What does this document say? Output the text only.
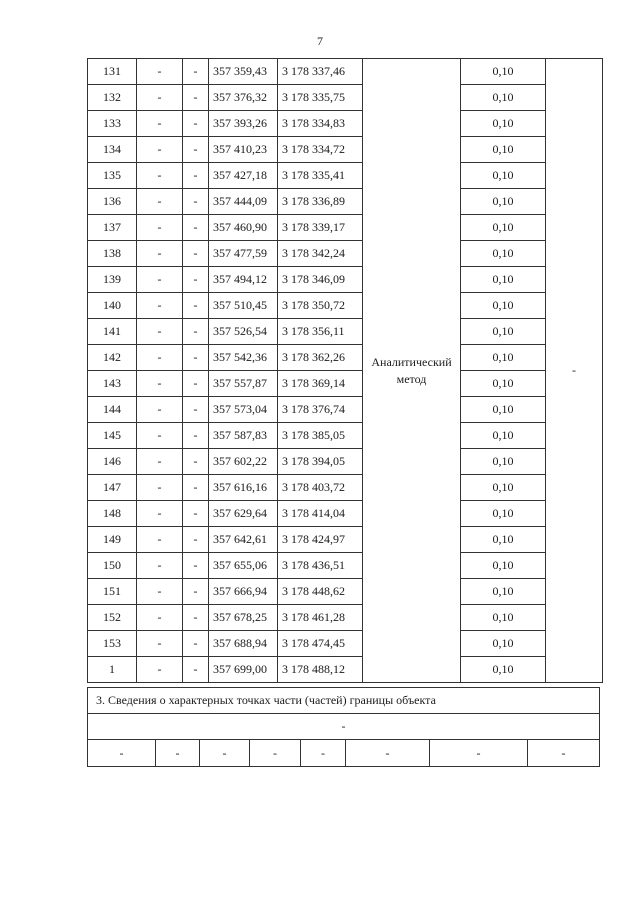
7
131	-	-	357 359,43	3 178 337,46	Аналитический метод	0,10	-
132	-	-	357 376,32	3 178 335,75		0,10	
133	-	-	357 393,26	3 178 334,83		0,10	
134	-	-	357 410,23	3 178 334,72		0,10	
135	-	-	357 427,18	3 178 335,41		0,10	
136	-	-	357 444,09	3 178 336,89		0,10	
137	-	-	357 460,90	3 178 339,17		0,10	
138	-	-	357 477,59	3 178 342,24		0,10	
139	-	-	357 494,12	3 178 346,09		0,10	
140	-	-	357 510,45	3 178 350,72		0,10	
141	-	-	357 526,54	3 178 356,11		0,10	
142	-	-	357 542,36	3 178 362,26		0,10	
143	-	-	357 557,87	3 178 369,14		0,10	
144	-	-	357 573,04	3 178 376,74		0,10	
145	-	-	357 587,83	3 178 385,05		0,10	
146	-	-	357 602,22	3 178 394,05		0,10	
147	-	-	357 616,16	3 178 403,72		0,10	
148	-	-	357 629,64	3 178 414,04		0,10	
149	-	-	357 642,61	3 178 424,97		0,10	
150	-	-	357 655,06	3 178 436,51		0,10	
151	-	-	357 666,94	3 178 448,62		0,10	
152	-	-	357 678,25	3 178 461,28		0,10	
153	-	-	357 688,94	3 178 474,45		0,10	
1	-	-	357 699,00	3 178 488,12		0,10	
3. Сведения о характерных точках части (частей) границы объекта
-
-	-	-	-	-	-	-	-
